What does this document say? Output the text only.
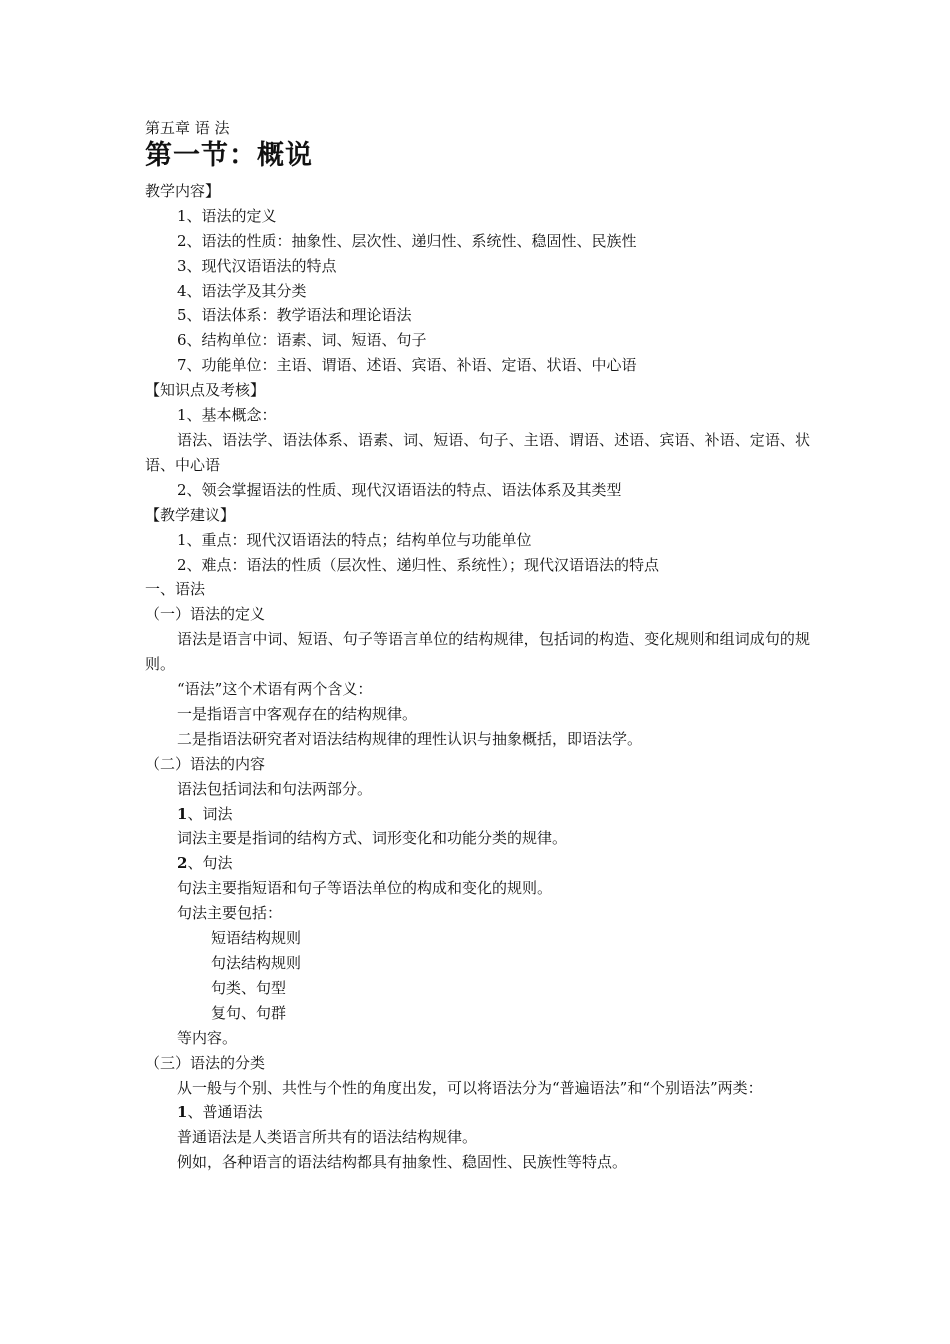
第五章 语 法
第一节：概说
教学内容】
1、语法的定义
2、语法的性质：抽象性、层次性、递归性、系统性、稳固性、民族性
3、现代汉语语法的特点
4、语法学及其分类
5、语法体系：教学语法和理论语法
6、结构单位：语素、词、短语、句子
7、功能单位：主语、谓语、述语、宾语、补语、定语、状语、中心语
【知识点及考核】
1、基本概念：
语法、语法学、语法体系、语素、词、短语、句子、主语、谓语、述语、宾语、补语、定语、状语、中心语
2、领会掌握语法的性质、现代汉语语法的特点、语法体系及其类型
【教学建议】
1、重点：现代汉语语法的特点；结构单位与功能单位
2、难点：语法的性质（层次性、递归性、系统性）；现代汉语语法的特点
一、语法
（一）语法的定义
语法是语言中词、短语、句子等语言单位的结构规律，包括词的构造、变化规则和组词成句的规则。
“语法”这个术语有两个含义：
一是指语言中客观存在的结构规律。
二是指语法研究者对语法结构规律的理性认识与抽象概括，即语法学。
（二）语法的内容
语法包括词法和句法两部分。
1、词法
词法主要是指词的结构方式、词形变化和功能分类的规律。
2、句法
句法主要指短语和句子等语法单位的构成和变化的规则。
句法主要包括：
短语结构规则
句法结构规则
句类、句型
复句、句群
等内容。
（三）语法的分类
从一般与个别、共性与个性的角度出发，可以将语法分为“普遍语法”和“个别语法”两类：
1、普通语法
普通语法是人类语言所共有的语法结构规律。
例如，各种语言的语法结构都具有抽象性、稳固性、民族性等特点。
